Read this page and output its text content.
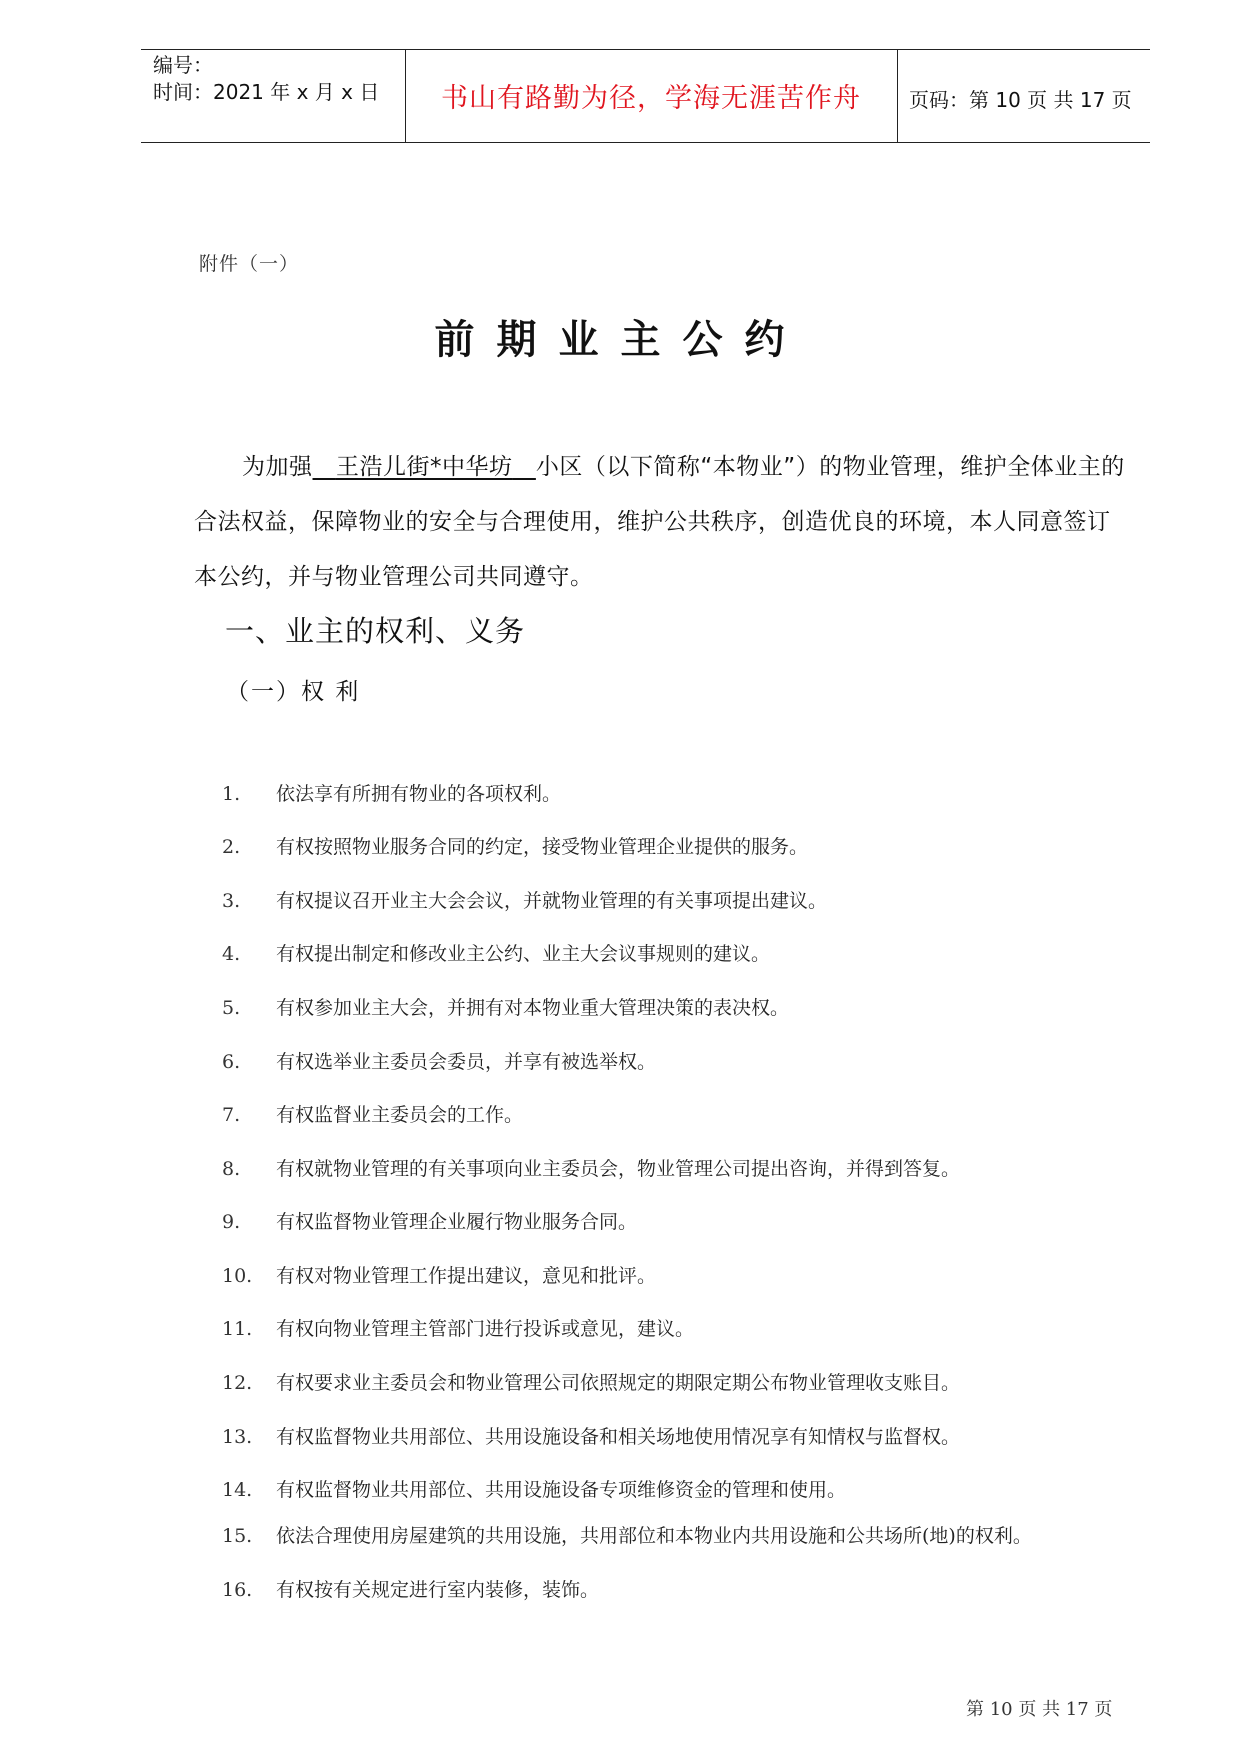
编号：
时间：2021 年 x 月 x 日	书山有路勤为径，学海无涯苦作舟	页码：第 10 页 共 17 页
附件（一）
前期业主公约
为加强 王浩儿街*中华坊 小区（以下简称“本物业”）的物业管理，维护全体业主的合法权益，保障物业的安全与合理使用，维护公共秩序，创造优良的环境，本人同意签订本公约，并与物业管理公司共同遵守。
一、业主的权利、义务
（一）权 利
1. 依法享有所拥有物业的各项权利。
2. 有权按照物业服务合同的约定，接受物业管理企业提供的服务。
3. 有权提议召开业主大会会议，并就物业管理的有关事项提出建议。
4. 有权提出制定和修改业主公约、业主大会议事规则的建议。
5. 有权参加业主大会，并拥有对本物业重大管理决策的表决权。
6. 有权选举业主委员会委员，并享有被选举权。
7. 有权监督业主委员会的工作。
8. 有权就物业管理的有关事项向业主委员会，物业管理公司提出咨询，并得到答复。
9. 有权监督物业管理企业履行物业服务合同。
10. 有权对物业管理工作提出建议，意见和批评。
11. 有权向物业管理主管部门进行投诉或意见，建议。
12. 有权要求业主委员会和物业管理公司依照规定的期限定期公布物业管理收支账目。
13. 有权监督物业共用部位、共用设施设备和相关场地使用情况享有知情权与监督权。
14. 有权监督物业共用部位、共用设施设备专项维修资金的管理和使用。
15. 依法合理使用房屋建筑的共用设施，共用部位和本物业内共用设施和公共场所(地)的权利。
16. 有权按有关规定进行室内装修，装饰。
第 10 页 共 17 页
